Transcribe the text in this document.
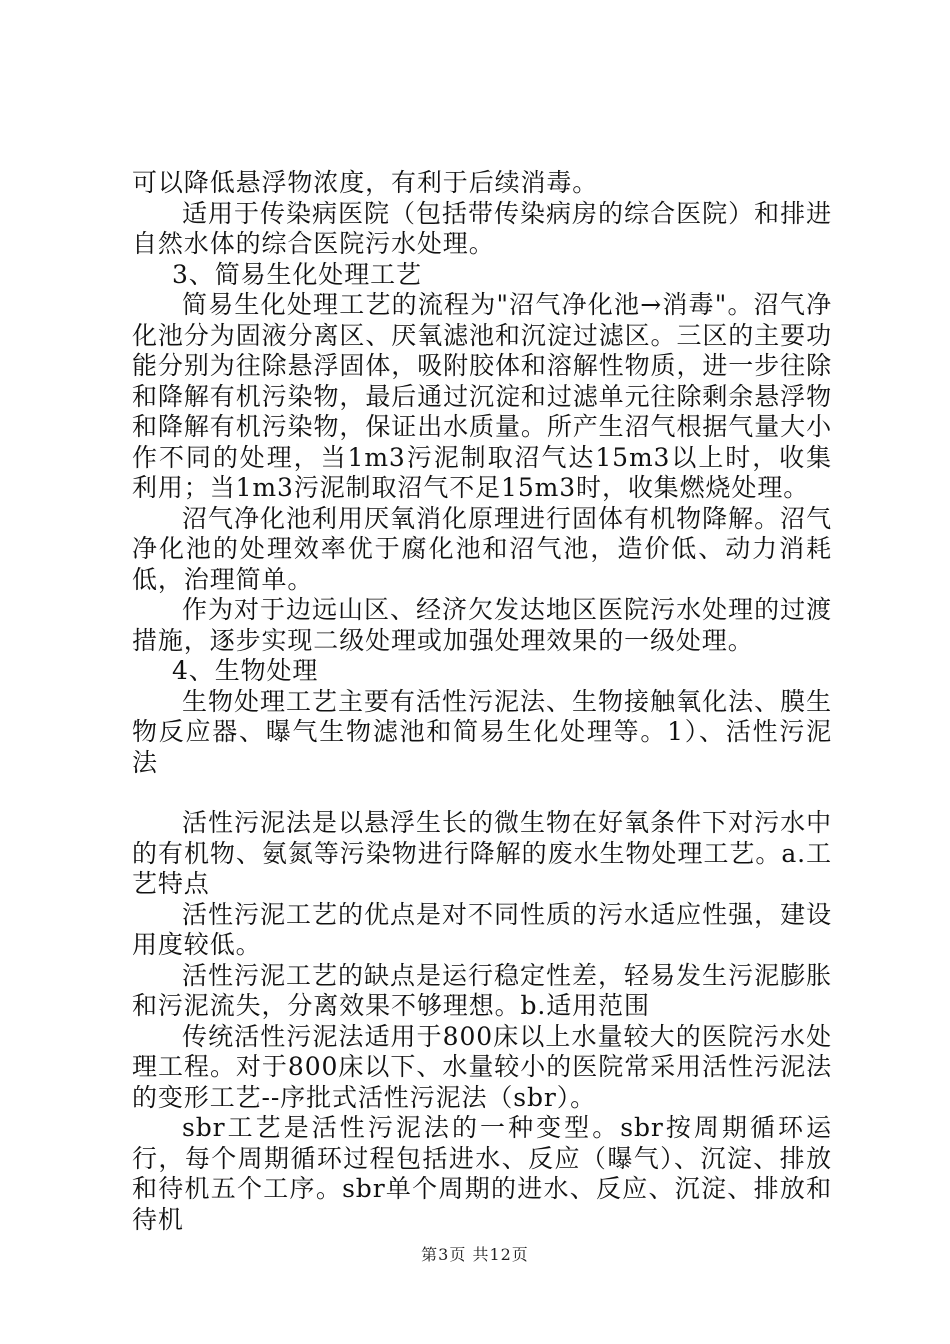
可以降低悬浮物浓度，有利于后续消毒。

适用于传染病医院（包括带传染病房的综合医院）和排进自然水体的综合医院污水处理。

3、简易生化处理工艺

简易生化处理工艺的流程为"沼气净化池→消毒"。沼气净化池分为固液分离区、厌氧滤池和沉淀过滤区。三区的主要功能分别为往除悬浮固体，吸附胶体和溶解性物质，进一步往除和降解有机污染物，最后通过沉淀和过滤单元往除剩余悬浮物和降解有机污染物，保证出水质量。所产生沼气根据气量大小作不同的处理，当1m3污泥制取沼气达15m3以上时，收集利用；当1m3污泥制取沼气不足15m3时，收集燃烧处理。

沼气净化池利用厌氧消化原理进行固体有机物降解。沼气净化池的处理效率优于腐化池和沼气池，造价低、动力消耗低，治理简单。

作为对于边远山区、经济欠发达地区医院污水处理的过渡措施，逐步实现二级处理或加强处理效果的一级处理。

4、生物处理

生物处理工艺主要有活性污泥法、生物接触氧化法、膜生物反应器、曝气生物滤池和简易生化处理等。1）、活性污泥法

活性污泥法是以悬浮生长的微生物在好氧条件下对污水中的有机物、氨氮等污染物进行降解的废水生物处理工艺。a.工艺特点

活性污泥工艺的优点是对不同性质的污水适应性强，建设用度较低。

活性污泥工艺的缺点是运行稳定性差，轻易发生污泥膨胀和污泥流失，分离效果不够理想。b.适用范围

传统活性污泥法适用于800床以上水量较大的医院污水处理工程。对于800床以下、水量较小的医院常采用活性污泥法的变形工艺--序批式活性污泥法（sbr）。

sbr工艺是活性污泥法的一种变型。sbr按周期循环运行，每个周期循环过程包括进水、反应（曝气）、沉淀、排放和待机五个工序。sbr单个周期的进水、反应、沉淀、排放和待机

第3页 共12页
